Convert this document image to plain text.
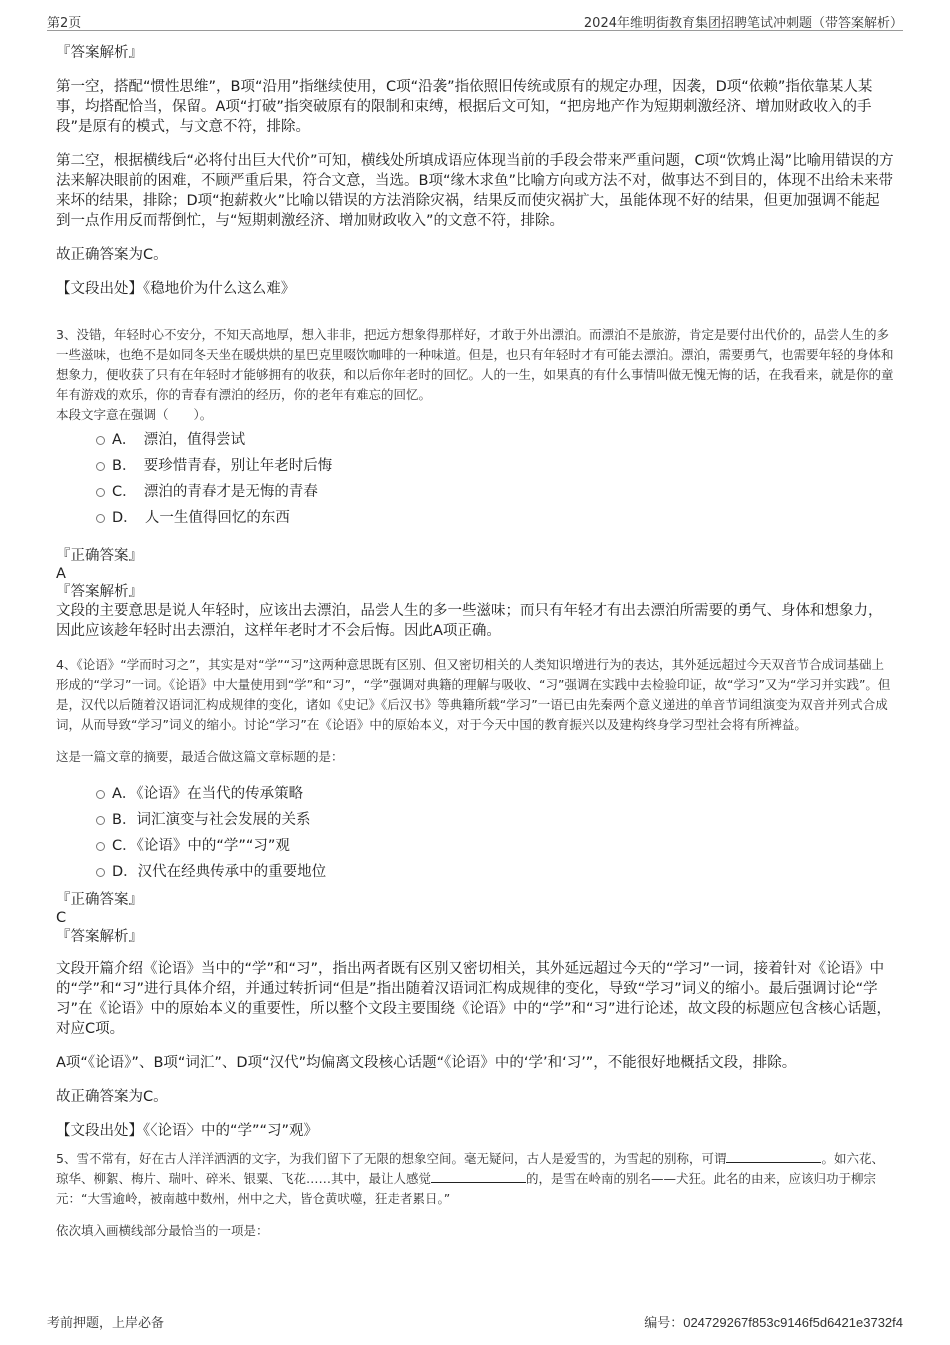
第2页	2024年维明街教育集团招聘笔试冲刺题（带答案解析）

『答案解析』

第一空，搭配“惯性思维”，B项“沿用”指继续使用，C项“沿袭”指依照旧传统或原有的规定办理，因袭，D项“依赖”指依靠某人某事，均搭配恰当，保留。A项“打破”指突破原有的限制和束缚，根据后文可知，“把房地产作为短期刺激经济、增加财政收入的手段”是原有的模式，与文意不符，排除。

第二空，根据横线后“必将付出巨大代价”可知，横线处所填成语应体现当前的手段会带来严重问题，C项“饮鸩止渴”比喻用错误的方法来解决眼前的困难，不顾严重后果，符合文意，当选。B项“缘木求鱼”比喻方向或方法不对，做事达不到目的，体现不出给未来带来坏的结果，排除；D项“抱薪救火”比喻以错误的方法消除灾祸，结果反而使灾祸扩大，虽能体现不好的结果，但更加强调不能起到一点作用反而帮倒忙，与“短期刺激经济、增加财政收入”的文意不符，排除。

故正确答案为C。

【文段出处】《稳地价为什么这么难》

3、没错，年轻时心不安分，不知天高地厚，想入非非，把远方想象得那样好，才敢于外出漂泊。而漂泊不是旅游，肯定是要付出代价的，品尝人生的多一些滋味，也绝不是如同冬天坐在暖烘烘的星巴克里啜饮咖啡的一种味道。但是，也只有年轻时才有可能去漂泊。漂泊，需要勇气，也需要年轻的身体和想象力，便收获了只有在年轻时才能够拥有的收获，和以后你年老时的回忆。人的一生，如果真的有什么事情叫做无愧无悔的话，在我看来，就是你的童年有游戏的欢乐，你的青春有漂泊的经历，你的老年有难忘的回忆。

本段文字意在强调（　　）。

A．　漂泊，值得尝试
B．　要珍惜青春，别让年老时后悔
C．　漂泊的青春才是无悔的青春
D．　人一生值得回忆的东西

『正确答案』

A

『答案解析』

文段的主要意思是说人年轻时，应该出去漂泊，品尝人生的多一些滋味；而只有年轻才有出去漂泊所需要的勇气、身体和想象力，因此应该趁年轻时出去漂泊，这样年老时才不会后悔。因此A项正确。

4、《论语》“学而时习之”，其实是对“学”“习”这两种意思既有区别、但又密切相关的人类知识增进行为的表达，其外延远超过今天双音节合成词基础上形成的“学习”一词。《论语》中大量使用到“学”和“习”，“学”强调对典籍的理解与吸收、“习”强调在实践中去检验印证，故“学习”又为“学习并实践”。但是，汉代以后随着汉语词汇构成规律的变化，诸如《史记》《后汉书》等典籍所载“学习”一语已由先秦两个意义递进的单音节词组演变为双音并列式合成词，从而导致“学习”词义的缩小。讨论“学习”在《论语》中的原始本义，对于今天中国的教育振兴以及建构终身学习型社会将有所裨益。

这是一篇文章的摘要，最适合做这篇文章标题的是：

A．《论语》在当代的传承策略
B．词汇演变与社会发展的关系
C．《论语》中的“学”“习”观
D．汉代在经典传承中的重要地位

『正确答案』

C

『答案解析』

文段开篇介绍《论语》当中的“学”和“习”，指出两者既有区别又密切相关，其外延远超过今天的“学习”一词，接着针对《论语》中的“学”和“习”进行具体介绍，并通过转折词“但是”指出随着汉语词汇构成规律的变化，导致“学习”词义的缩小。最后强调讨论“学习”在《论语》中的原始本义的重要性，所以整个文段主要围绕《论语》中的“学”和“习”进行论述，故文段的标题应包含核心话题，对应C项。

A项“《论语》”、B项“词汇”、D项“汉代”均偏离文段核心话题“《论语》中的‘学’和‘习’”，不能很好地概括文段，排除。

故正确答案为C。

【文段出处】《〈论语〉中的“学”“习”观》

5、雪不常有，好在古人洋洋洒洒的文字，为我们留下了无限的想象空间。毫无疑问，古人是爱雪的，为雪起的别称，可谓	。如六花、琼华、柳絮、梅片、瑞叶、碎米、银粟、飞花……其中，最让人感觉	的，是雪在岭南的别名——犬狂。此名的由来，应该归功于柳宗元：“大雪逾岭，被南越中数州，州中之犬，皆仓黄吠噬，狂走者累日。”

依次填入画横线部分最恰当的一项是：

考前押题，上岸必备	编号：024729267f853c9146f5d6421e3732f4
